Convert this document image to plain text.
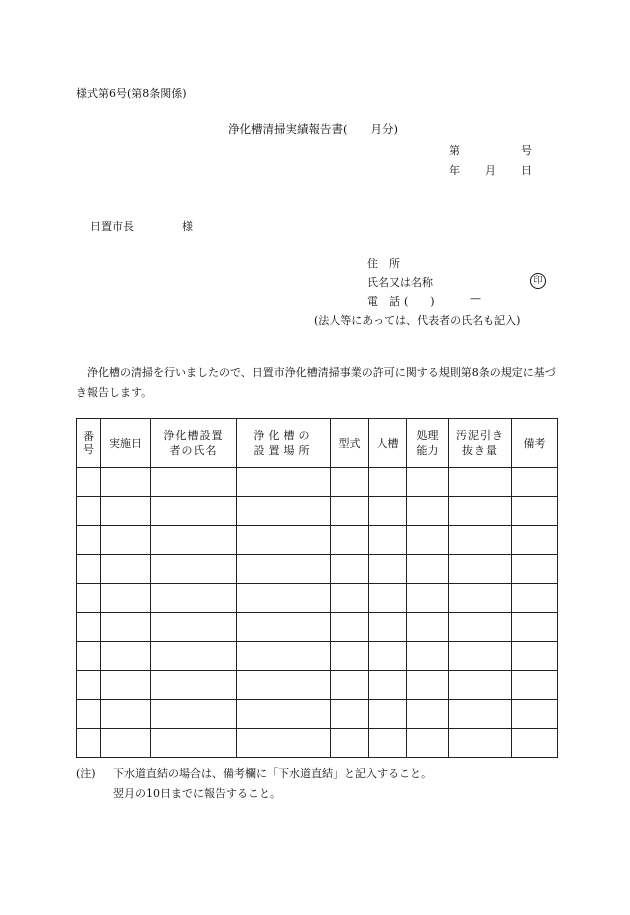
様式第6号(第8条関係)
浄化槽清掃実績報告書(　　月分)
第	号
年 月 日
日置市長	様
住　所
氏名又は名称	印
電　話 (　　)	—
(法人等にあっては、代表者の氏名も記入)
　浄化槽の清掃を行いましたので、日置市浄化槽清掃事業の許可に関する規則第8条の規定に基づき報告します。
番号	実施日	浄化槽設置者の氏名	浄化槽の設置場所	型式	人槽	処理能力	汚泥引き抜き量	備考

(注) 下水道直結の場合は、備考欄に「下水道直結」と記入すること。
翌月の10日までに報告すること。
